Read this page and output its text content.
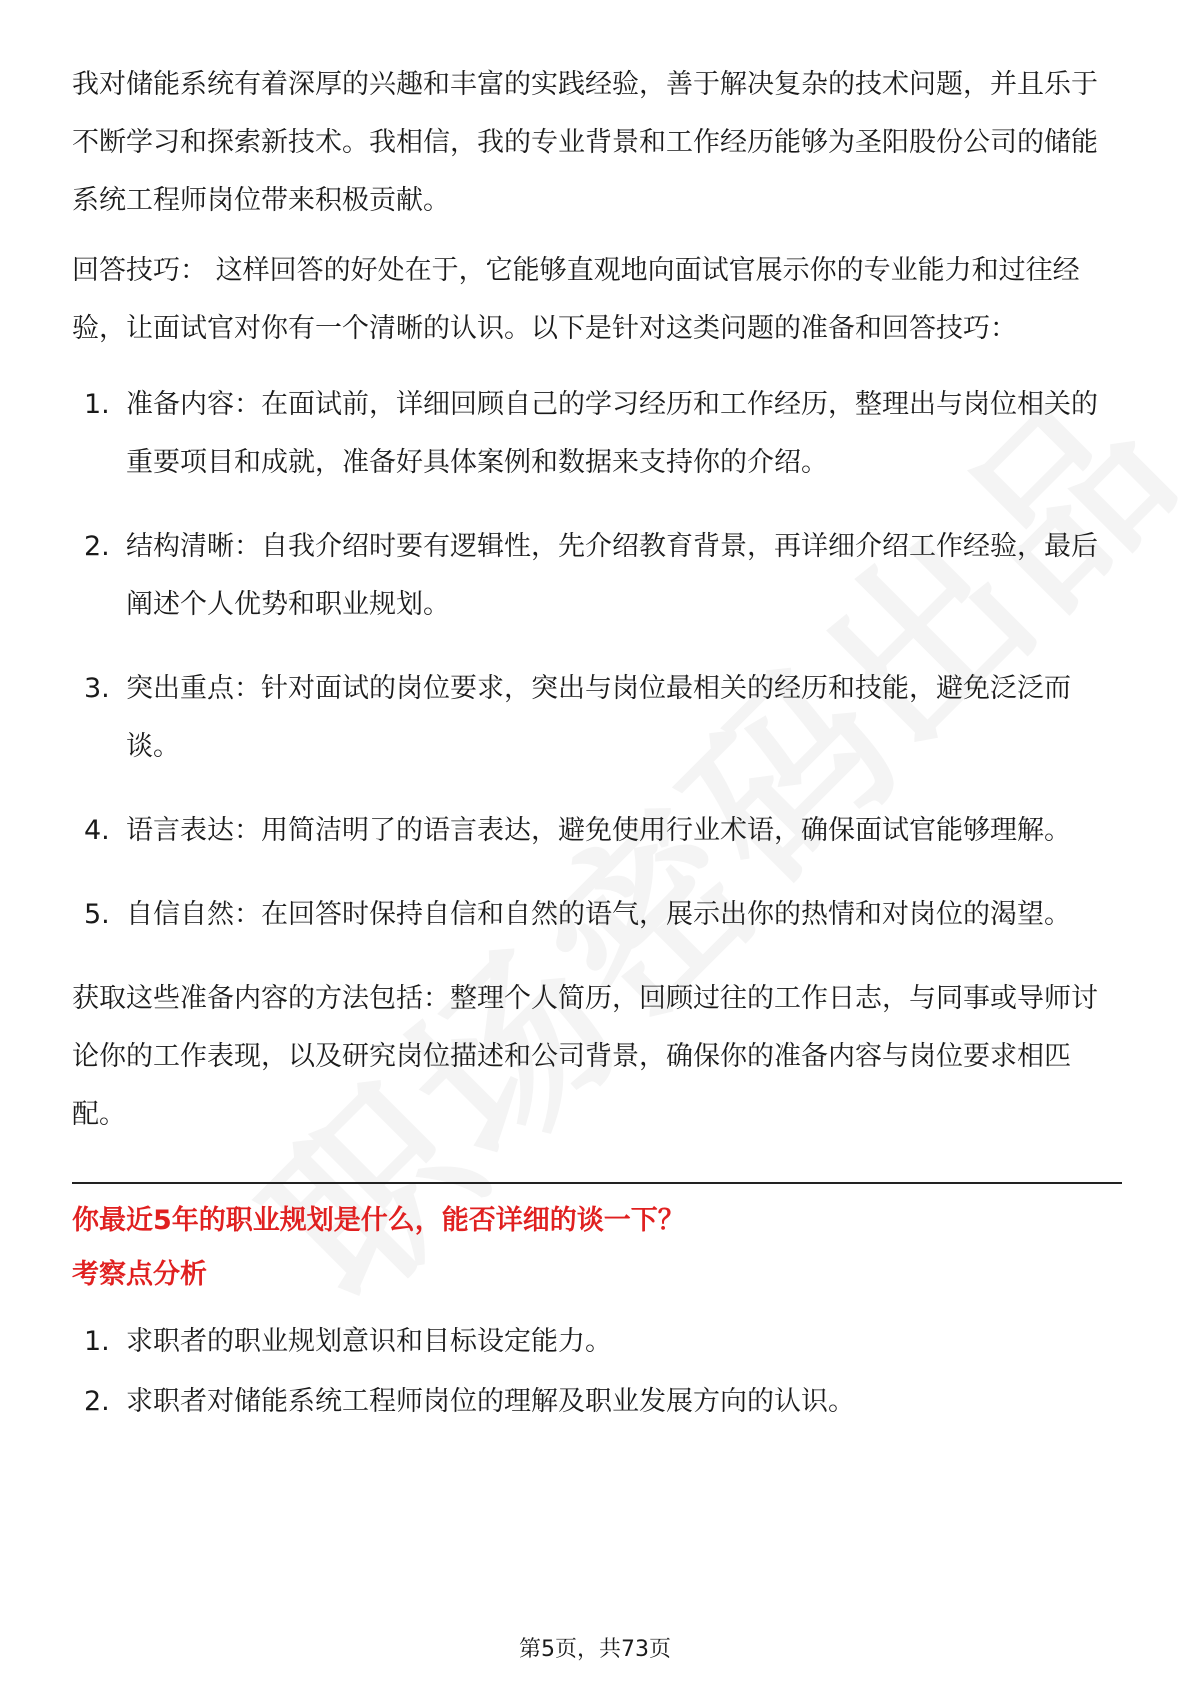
我对储能系统有着深厚的兴趣和丰富的实践经验，善于解决复杂的技术问题，并且乐于不断学习和探索新技术。我相信，我的专业背景和工作经历能够为圣阳股份公司的储能系统工程师岗位带来积极贡献。

回答技巧： 这样回答的好处在于，它能够直观地向面试官展示你的专业能力和过往经验，让面试官对你有一个清晰的认识。以下是针对这类问题的准备和回答技巧：

1. 准备内容：在面试前，详细回顾自己的学习经历和工作经历，整理出与岗位相关的重要项目和成就，准备好具体案例和数据来支持你的介绍。
2. 结构清晰：自我介绍时要有逻辑性，先介绍教育背景，再详细介绍工作经验，最后阐述个人优势和职业规划。
3. 突出重点：针对面试的岗位要求，突出与岗位最相关的经历和技能，避免泛泛而谈。
4. 语言表达：用简洁明了的语言表达，避免使用行业术语，确保面试官能够理解。
5. 自信自然：在回答时保持自信和自然的语气，展示出你的热情和对岗位的渴望。

获取这些准备内容的方法包括：整理个人简历，回顾过往的工作日志，与同事或导师讨论你的工作表现，以及研究岗位描述和公司背景，确保你的准备内容与岗位要求相匹配。

你最近5年的职业规划是什么，能否详细的谈一下？

考察点分析

1. 求职者的职业规划意识和目标设定能力。
2. 求职者对储能系统工程师岗位的理解及职业发展方向的认识。
第5页，共73页
